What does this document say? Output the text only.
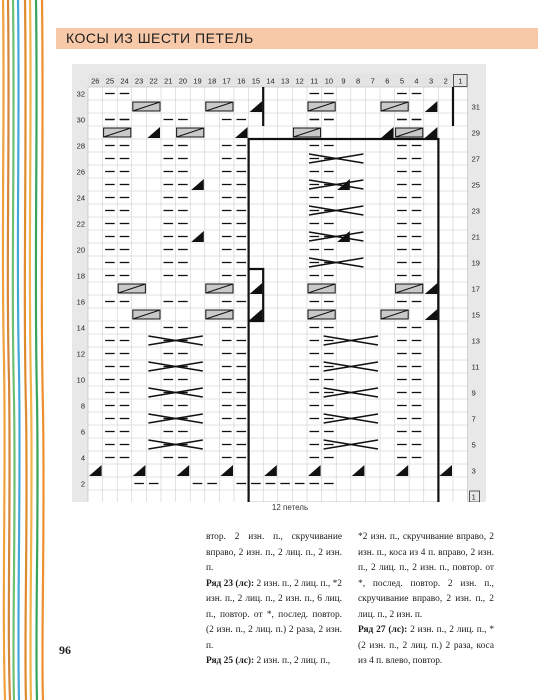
КОСЫ ИЗ ШЕСТИ ПЕТЕЛЬ
26 25 24 23 22 21 20 19 18 17 16 15 14 13 12 11 10 9 8 7 6 5 4 3 2 1
32
30
28
26
24
22
20
18
16
14
12
10
8
6
4
2
31
29
27
25
23
21
19
17
15
13
11
9
7
5
3
1
12 петель

втор. 2 изн. п., скручивание вправо, 2 изн. п., 2 лиц. п., 2 изн. п.

Ряд 23 (лс): 2 изн. п., 2 лиц. п., *2 изн. п., 2 лиц. п., 2 изн. п., 6 лиц. п., повтор. от *, послед. повтор. (2 изн. п., 2 лиц. п.) 2 раза, 2 изн. п.

Ряд 25 (лс): 2 изн. п., 2 лиц. п.,

*2 изн. п., скручивание вправо, 2 изн. п., коса из 4 п. вправо, 2 изн. п., 2 лиц. п., 2 изн. п., повтор. от *, послед. повтор. 2 изн. п., скручивание вправо, 2 изн. п., 2 лиц. п., 2 изн. п.

Ряд 27 (лс): 2 изн. п., 2 лиц. п., *(2 изн. п., 2 лиц. п.) 2 раза, коса из 4 п. влево, повтор.

96
